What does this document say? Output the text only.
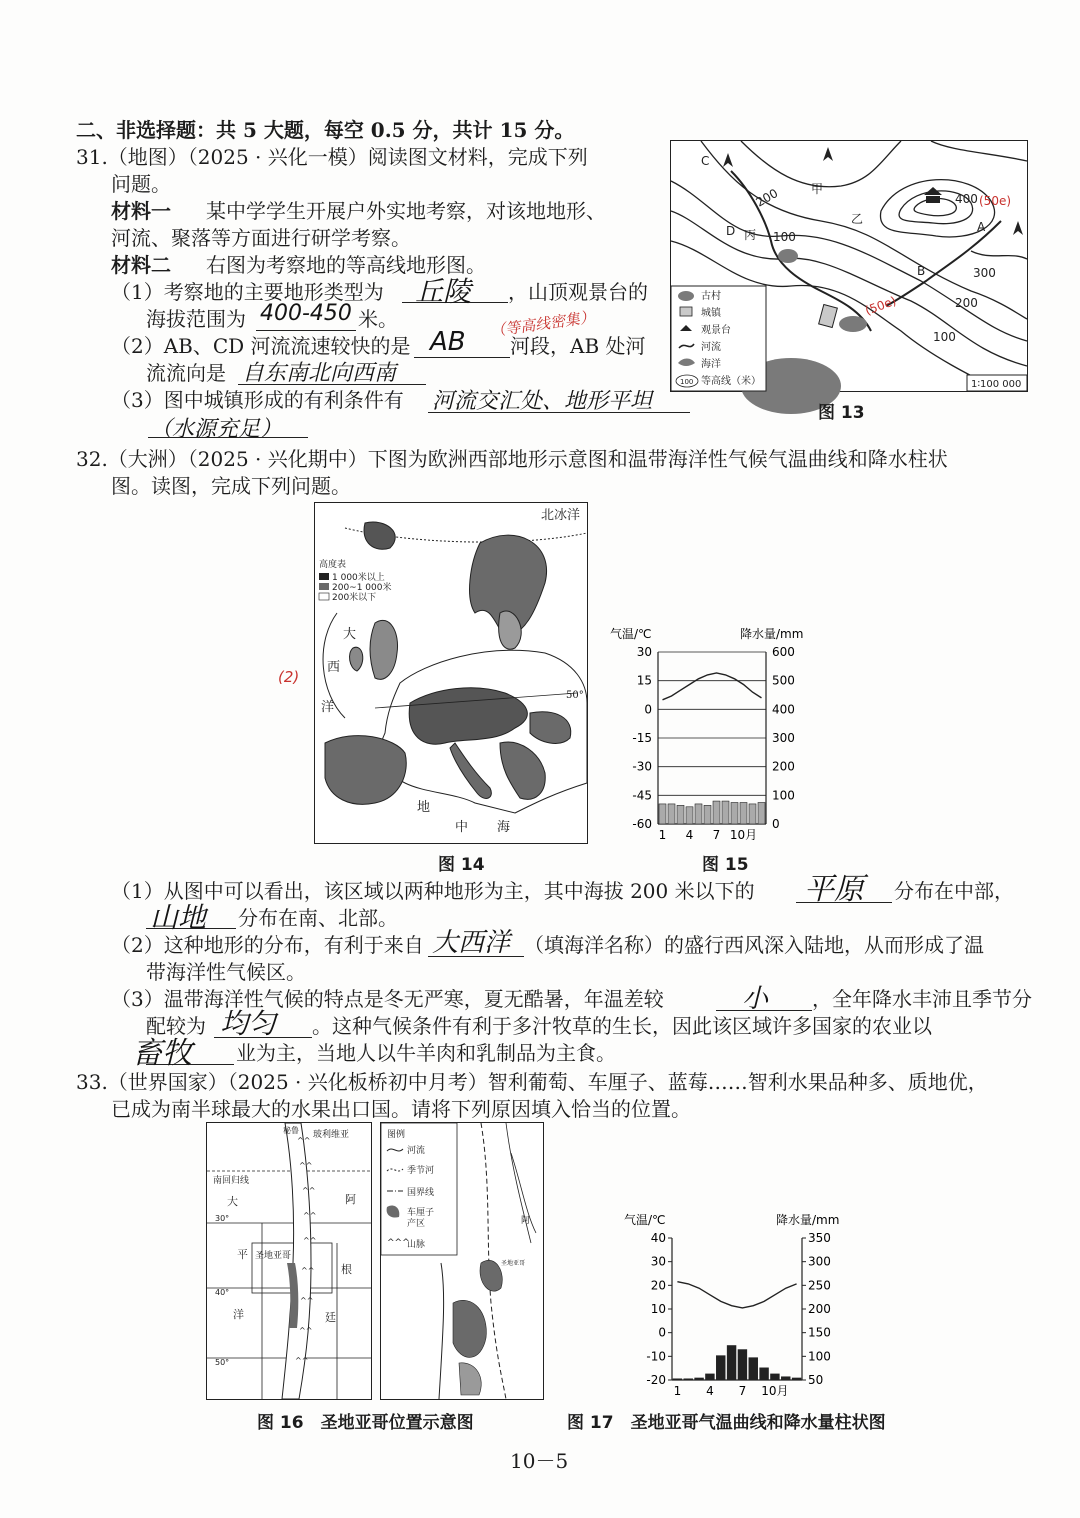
二、非选择题：共 5 大题，每空 0.5 分，共计 15 分。
31.（地图）（2025 · 兴化一模）阅读图文材料，完成下列
问题。
材料一 某中学学生开展户外实地考察，对该地地形、
河流、聚落等方面进行研学考察。
材料二 右图为考察地的等高线地形图。
（1）考察地的主要地形类型为 丘陵 ，山顶观景台的
海拔范围为 400-450 米。	（等高线密集）
（2）AB、CD 河流流速较快的是 AB 河段，AB 处河
流流向是 自东南北向西南
（3）图中城镇形成的有利条件有 河流交汇处、地形平坦
（水源充足）
C
D	A
B
甲
乙
丙
200
100
400
300
200
100
(50e)
(50e)
古村
城镇
观景台
河流
海洋
100 等高线（米）	1∶100 000
图 13
32.（大洲）（2025 · 兴化期中）下图为欧洲西部地形示意图和温带海洋性气候气温曲线和降水柱状
图。读图，完成下列问题。
高度表
1 000米以上
200~1 000米
200米以下
北冰洋
大
西
洋
地
中 海
(2)
50°
图 14
气温/℃	降水量/mm
30	600
15	500
0	400
-15	300
-30	200
-45	100
-60	0
1 4 7 10月
图 15
（1）从图中可以看出，该区域以两种地形为主，其中海拔 200 米以下的 平原 分布在中部，
山地 分布在南、北部。
（2）这种地形的分布，有利于来自 大西洋 （填海洋名称）的盛行西风深入陆地，从而形成了温
带海洋性气候区。
（3）温带海洋性气候的特点是冬无严寒，夏无酷暑，年温差较	小 ，全年降水丰沛且季节分
配较为 均匀 。这种气候条件有利于多汁牧草的生长，因此该区域许多国家的农业以
畜牧 业为主，当地人以牛羊肉和乳制品为主食。
33.（世界国家）（2025 · 兴化板桥初中月考）智利葡萄、车厘子、蓝莓……智利水果品种多、质地优，
已成为南半球最大的水果出口国。请将下列原因填入恰当的位置。
^^
^^
^^
^^
^^
^^
^^
^^
^^
秘鲁 玻利维亚
南回归线
大	阿
平 圣地亚哥
根
洋	廷
30°
40°
50°
图例
河流
季节河
国界线
车厘子
产区
^^^
山脉
阿
圣地亚哥
图 16　圣地亚哥位置示意图
气温/℃	降水量/mm
40	350
30	300
20	250
10	200
0	150
-10	100
-20	50
1 4 7 10月
图 17　圣地亚哥气温曲线和降水量柱状图
10－5
